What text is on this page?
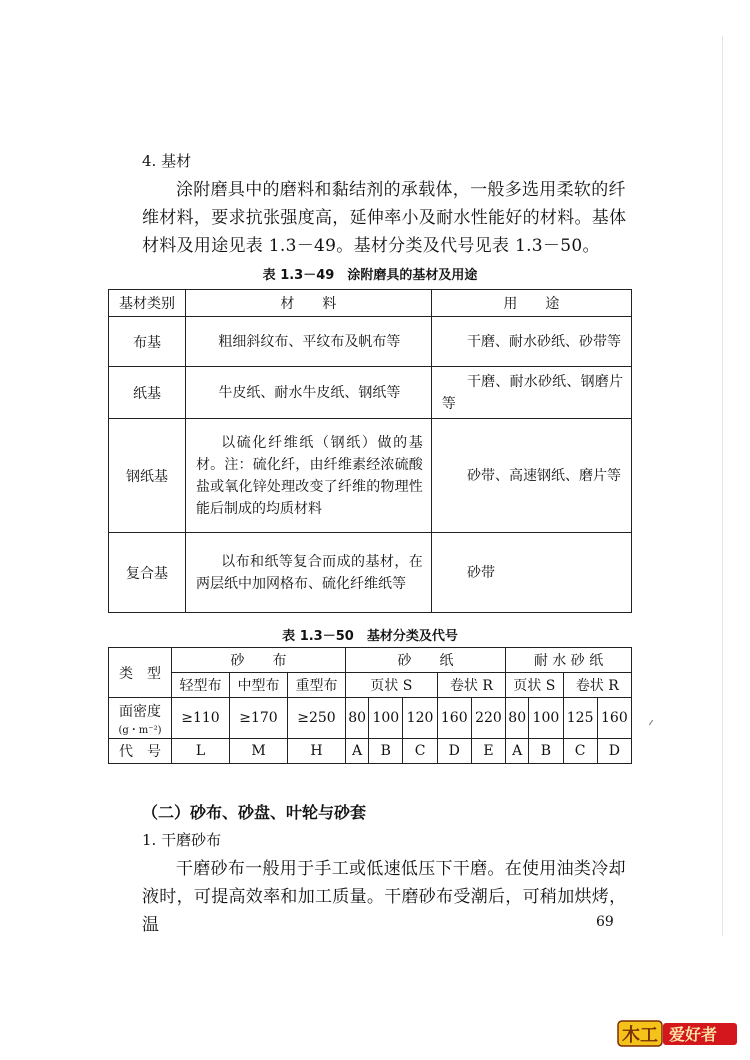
4. 基材
涂附磨具中的磨料和黏结剂的承载体，一般多选用柔软的纤维材料，要求抗张强度高，延伸率小及耐水性能好的材料。基体材料及用途见表 1.3－49。基材分类及代号见表 1.3－50。
表 1.3－49　涂附磨具的基材及用途
基材类别	材　　料	用　　途
布基	粗细斜纹布、平纹布及帆布等	干磨、耐水砂纸、砂带等
纸基	牛皮纸、耐水牛皮纸、钢纸等	干磨、耐水砂纸、钢磨片等
钢纸基	以硫化纤维纸（钢纸）做的基材。注：硫化纤，由纤维素经浓硫酸盐或氧化锌处理改变了纤维的物理性能后制成的均质材料	砂带、高速钢纸、磨片等
复合基	以布和纸等复合而成的基材，在两层纸中加网格布、硫化纤维纸等	砂带
表 1.3－50　基材分类及代号
类　型	砂　　布			砂　　纸					耐 水 砂 纸			
	轻型布	中型布	重型布	页状 S			卷状 R		页状 S		卷状 R	

面密度
(g・m⁻²)	≥110	≥170	≥250	80	100	120	160	220	80	100	125	160
代　号	L	M	H	A	B	C	D	E	A	B	C	D
（二）砂布、砂盘、叶轮与砂套
1. 干磨砂布
干磨砂布一般用于手工或低速低压下干磨。在使用油类冷却液时，可提高效率和加工质量。干磨砂布受潮后，可稍加烘烤，温	69
木工 爱好者
